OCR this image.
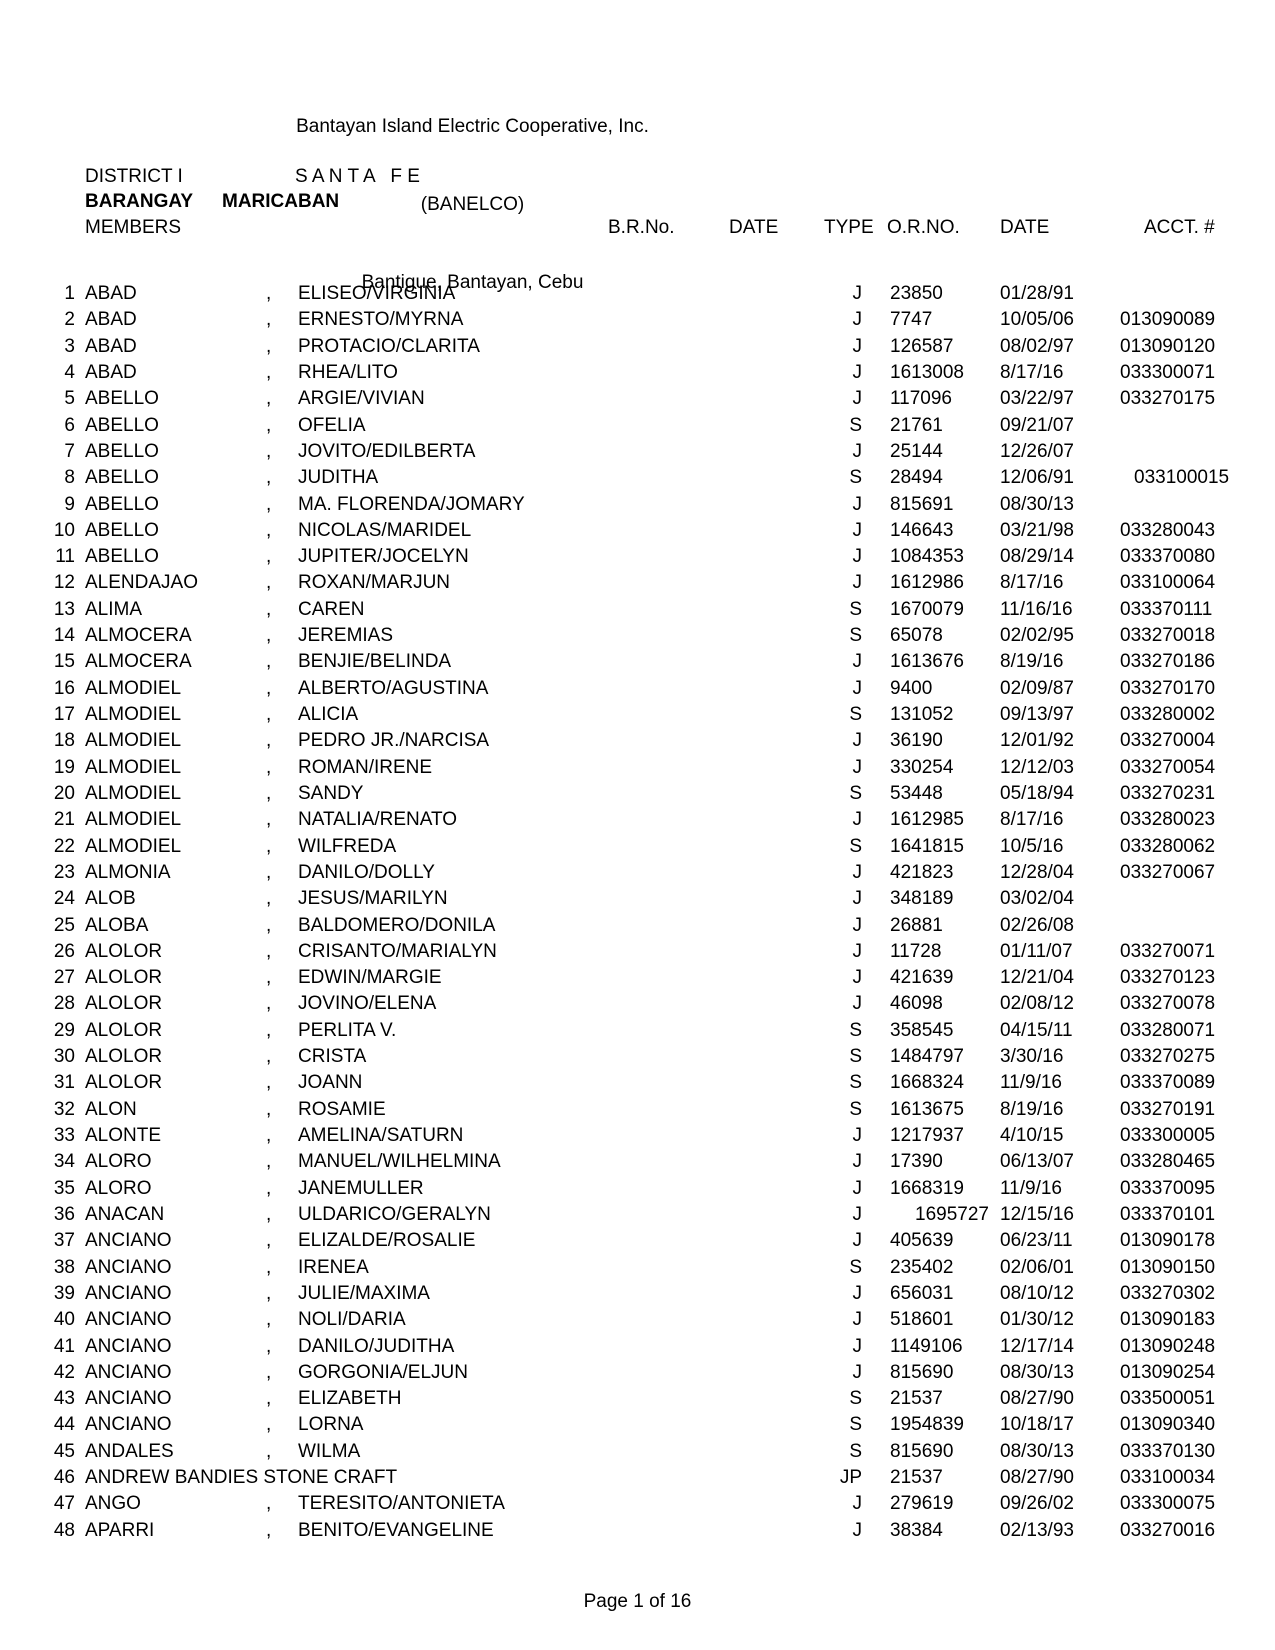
Bantayan Island Electric Cooperative, Inc.

(BANELCO)

Bantigue, Bantayan, Cebu

DISTRICT I	S A N T A   F E
BARANGAY MARICABAN
MEMBERS	B.R.No.	DATE TYPE O.R.NO. DATE	ACCT. #
1 ABAD	,	ELISEO/VIRGINIA	J 23850	01/28/91
2 ABAD	,	ERNESTO/MYRNA	J 7747	10/05/06	013090089
3 ABAD	,	PROTACIO/CLARITA	J 126587	08/02/97	013090120
4 ABAD	,	RHEA/LITO	J 1613008	8/17/16	033300071
5 ABELLO	,	ARGIE/VIVIAN	J 117096	03/22/97	033270175
6 ABELLO	,	OFELIA	S 21761	09/21/07
7 ABELLO	,	JOVITO/EDILBERTA	J 25144	12/26/07
8 ABELLO	,	JUDITHA	S 28494	12/06/91	033100015
9 ABELLO	,	MA. FLORENDA/JOMARY	J 815691	08/30/13
10 ABELLO	,	NICOLAS/MARIDEL	J 146643	03/21/98	033280043
11 ABELLO	,	JUPITER/JOCELYN	J 1084353	08/29/14	033370080
12 ALENDAJAO	,	ROXAN/MARJUN	J 1612986	8/17/16	033100064
13 ALIMA	,	CAREN	S 1670079	11/16/16	033370111
14 ALMOCERA	,	JEREMIAS	S 65078	02/02/95	033270018
15 ALMOCERA	,	BENJIE/BELINDA	J 1613676	8/19/16	033270186
16 ALMODIEL	,	ALBERTO/AGUSTINA	J 9400	02/09/87	033270170
17 ALMODIEL	,	ALICIA	S 131052	09/13/97	033280002
18 ALMODIEL	,	PEDRO JR./NARCISA	J 36190	12/01/92	033270004
19 ALMODIEL	,	ROMAN/IRENE	J 330254	12/12/03	033270054
20 ALMODIEL	,	SANDY	S 53448	05/18/94	033270231
21 ALMODIEL	,	NATALIA/RENATO	J 1612985	8/17/16	033280023
22 ALMODIEL	,	WILFREDA	S 1641815	10/5/16	033280062
23 ALMONIA	,	DANILO/DOLLY	J 421823	12/28/04	033270067
24 ALOB	,	JESUS/MARILYN	J 348189	03/02/04
25 ALOBA	,	BALDOMERO/DONILA	J 26881	02/26/08
26 ALOLOR	,	CRISANTO/MARIALYN	J 11728	01/11/07	033270071
27 ALOLOR	,	EDWIN/MARGIE	J 421639	12/21/04	033270123
28 ALOLOR	,	JOVINO/ELENA	J 46098	02/08/12	033270078
29 ALOLOR	,	PERLITA V.	S 358545	04/15/11	033280071
30 ALOLOR	,	CRISTA	S 1484797	3/30/16	033270275
31 ALOLOR	,	JOANN	S 1668324	11/9/16	033370089
32 ALON	,	ROSAMIE	S 1613675	8/19/16	033270191
33 ALONTE	,	AMELINA/SATURN	J 1217937	4/10/15	033300005
34 ALORO	,	MANUEL/WILHELMINA	J 17390	06/13/07	033280465
35 ALORO	,	JANEMULLER	J 1668319	11/9/16	033370095
36 ANACAN	,	ULDARICO/GERALYN	J	1695727 12/15/16	033370101
37 ANCIANO	,	ELIZALDE/ROSALIE	J 405639	06/23/11	013090178
38 ANCIANO	,	IRENEA	S 235402	02/06/01	013090150
39 ANCIANO	,	JULIE/MAXIMA	J 656031	08/10/12	033270302
40 ANCIANO	,	NOLI/DARIA	J 518601	01/30/12	013090183
41 ANCIANO	,	DANILO/JUDITHA	J 1149106	12/17/14	013090248
42 ANCIANO	,	GORGONIA/ELJUN	J 815690	08/30/13	013090254
43 ANCIANO	,	ELIZABETH	S 21537	08/27/90	033500051
44 ANCIANO	,	LORNA	S 1954839	10/18/17	013090340
45 ANDALES	,	WILMA	S 815690	08/30/13	033370130
46 ANDREW BANDIES STONE CRAFT	JP 21537	08/27/90	033100034
47 ANGO	,	TERESITO/ANTONIETA	J 279619	09/26/02	033300075
48 APARRI	,	BENITO/EVANGELINE	J 38384	02/13/93	033270016
Page 1 of 16
